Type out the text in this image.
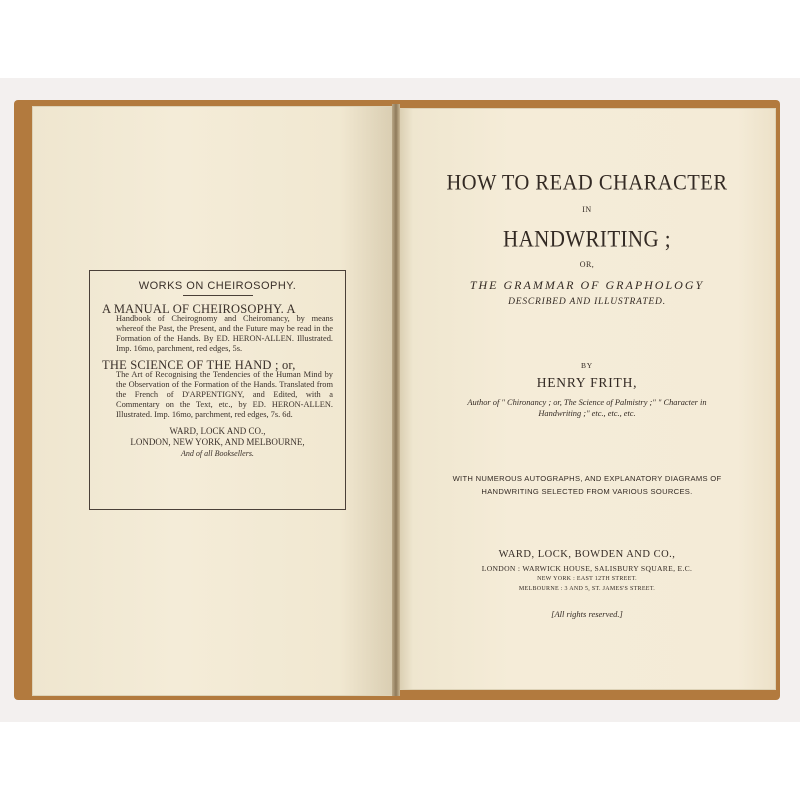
WORKS ON CHEIROSOPHY.
A MANUAL OF CHEIROSOPHY. A
Handbook of Cheirognomy and Cheiromancy, by means whereof the Past, the Present, and the Future may be read in the Formation of the Hands. By ED. HERON-ALLEN. Illustrated. Imp. 16mo, parchment, red edges, 5s.
THE SCIENCE OF THE HAND ; or,
The Art of Recognising the Tendencies of the Human Mind by the Observation of the Formation of the Hands. Translated from the French of D'ARPENTIGNY, and Edited, with a Commentary on the Text, etc., by ED. HERON-ALLEN. Illustrated. Imp. 16mo, parchment, red edges, 7s. 6d.
WARD, LOCK AND CO.,
LONDON, NEW YORK, AND MELBOURNE,
And of all Booksellers.
HOW TO READ CHARACTER
IN
HANDWRITING ;
OR,
THE GRAMMAR OF GRAPHOLOGY
DESCRIBED AND ILLUSTRATED.
BY
HENRY FRITH,
Author of " Chironancy ; or, The Science of Palmistry ;" " Character in Handwriting ;" etc., etc., etc.
WITH NUMEROUS AUTOGRAPHS, AND EXPLANATORY DIAGRAMS OF HANDWRITING SELECTED FROM VARIOUS SOURCES.
WARD, LOCK, BOWDEN AND CO.,
LONDON : WARWICK HOUSE, SALISBURY SQUARE, E.C.
NEW YORK : EAST 12TH STREET.
MELBOURNE : 3 AND 5, ST. JAMES'S STREET.
[All rights reserved.]
